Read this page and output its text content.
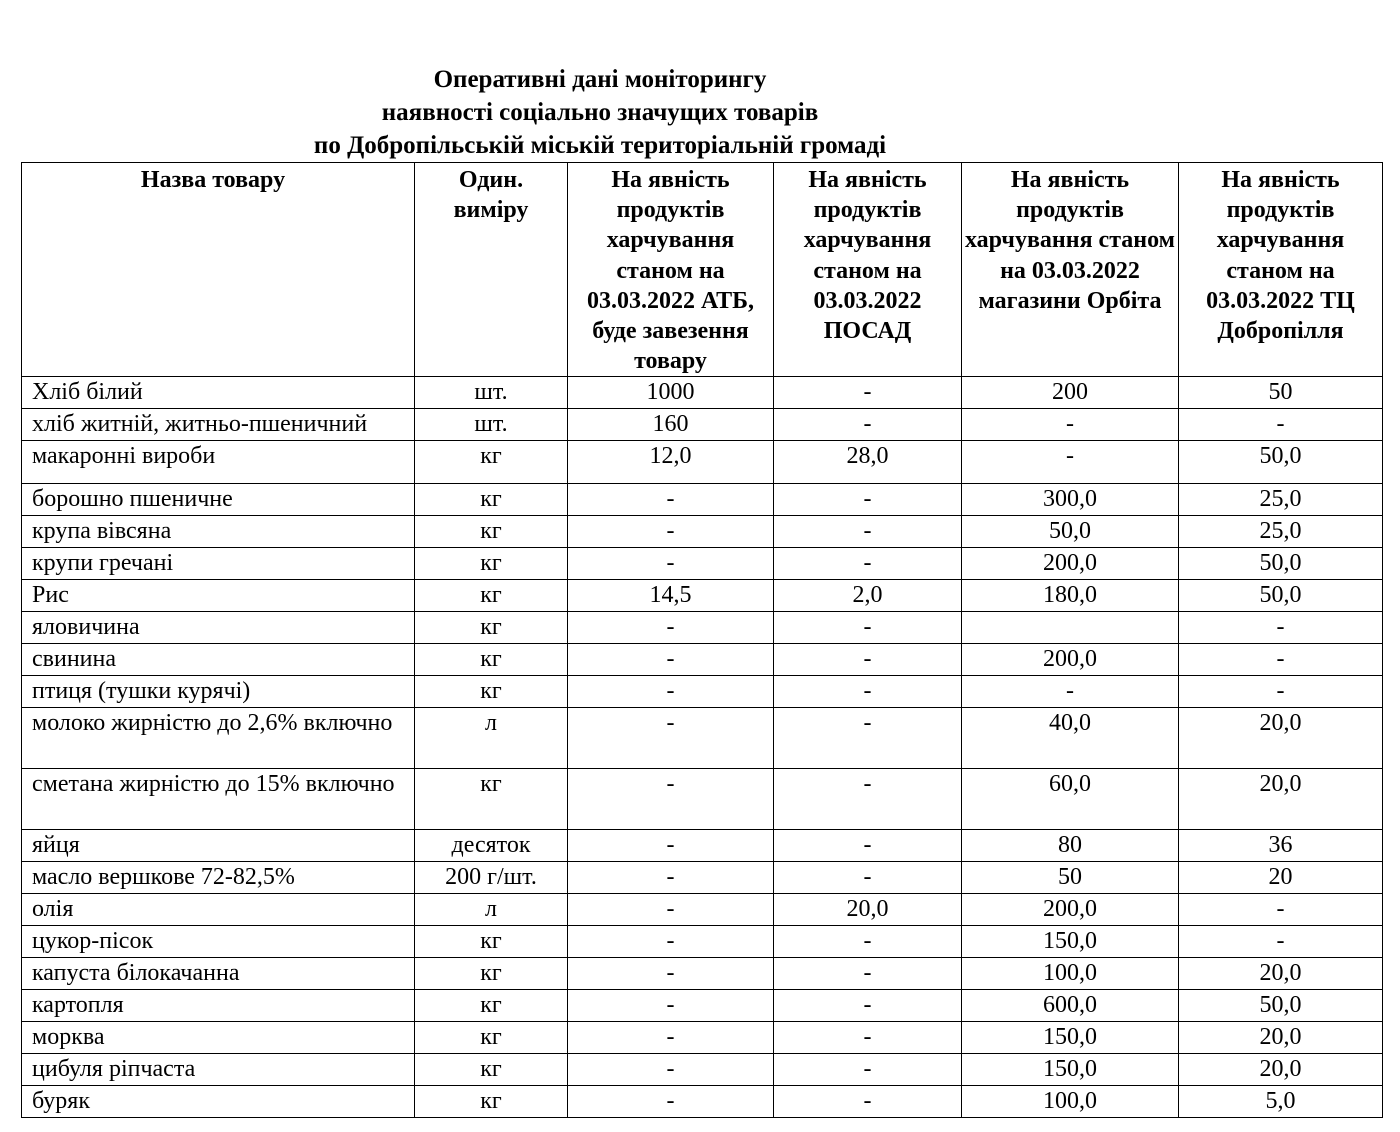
Оперативні дані моніторингу
наявності соціально значущих товарів
по Добропільській міській територіальній громаді
Назва товару	Один. виміру	На явність продуктів харчування станом на 03.03.2022 АТБ, буде завезення товару	На явність продуктів харчування станом на 03.03.2022 ПОСАД	На явність продуктів харчування станом на 03.03.2022 магазини Орбіта	На явність продуктів харчування станом на 03.03.2022 ТЦ Добропілля
Хліб білий	шт.	1000	-	200	50
хліб житній, житньо-пшеничний	шт.	160	-	-	-
макаронні вироби	кг	12,0	28,0	-	50,0
борошно пшеничне	кг	-	-	300,0	25,0
крупа вівсяна	кг	-	-	50,0	25,0
крупи гречані	кг	-	-	200,0	50,0
Рис	кг	14,5	2,0	180,0	50,0
яловичина	кг	-	-		-
свинина	кг	-	-	200,0	-
птиця (тушки курячі)	кг	-	-	-	-
молоко жирністю до 2,6% включно	л	-	-	40,0	20,0
сметана жирністю до 15% включно	кг	-	-	60,0	20,0
яйця	десяток	-	-	80	36
масло вершкове 72-82,5%	200 г/шт.	-	-	50	20
олія	л	-	20,0	200,0	-
цукор-пісок	кг	-	-	150,0	-
капуста білокачанна	кг	-	-	100,0	20,0
картопля	кг	-	-	600,0	50,0
морква	кг	-	-	150,0	20,0
цибуля ріпчаста	кг	-	-	150,0	20,0
буряк	кг	-	-	100,0	5,0
